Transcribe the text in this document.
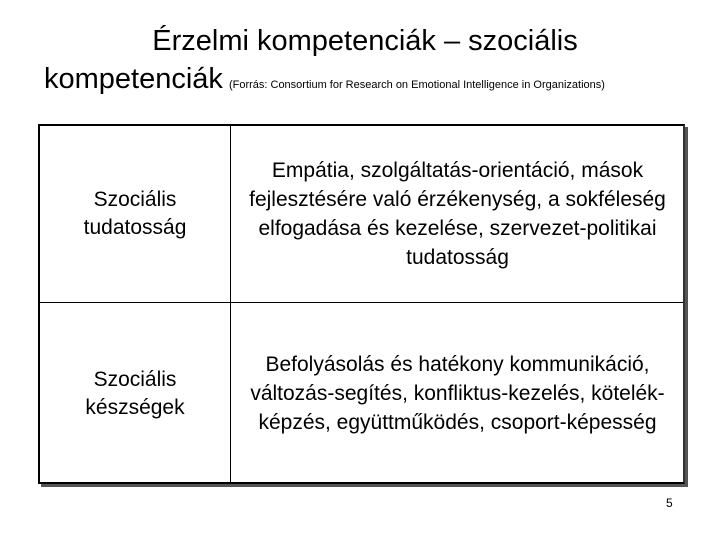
Érzelmi kompetenciák – szociális
kompetenciák (Forrás: Consortium for Research on Emotional Intelligence in Organizations)
Szociális tudatosság
Empátia, szolgáltatás-orientáció, mások fejlesztésére való érzékenység, a sokféleség elfogadása és kezelése, szervezet-politikai tudatosság
Szociális készségek
Befolyásolás és hatékony kommunikáció, változás-segítés, konfliktus-kezelés, kötelék-képzés, együttműködés, csoport-képesség
5
